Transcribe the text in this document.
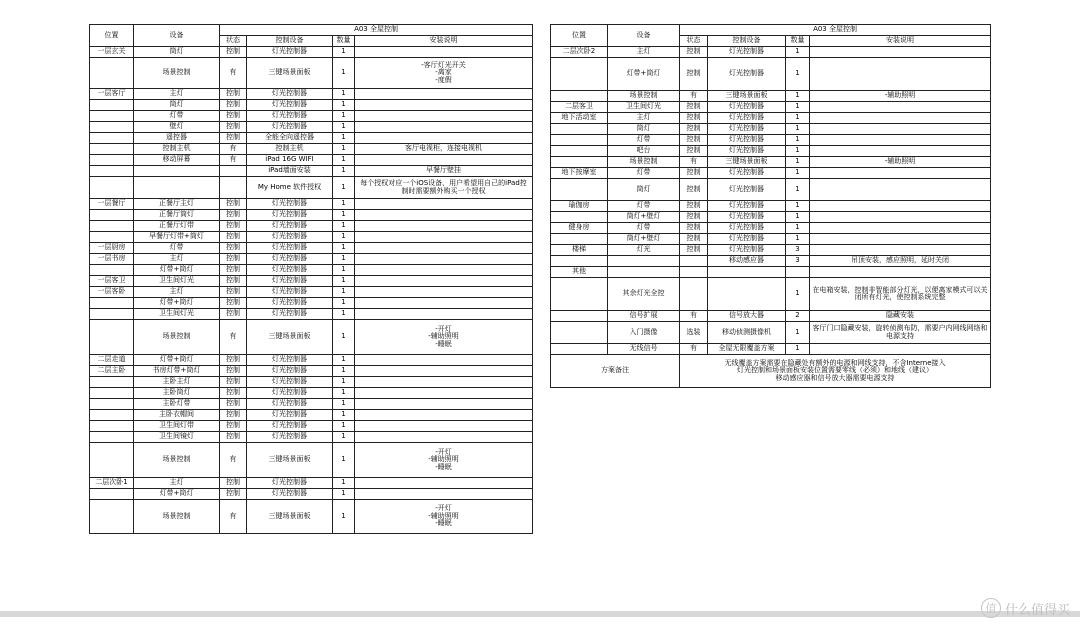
位置	设备	A03 全屋控制			
		状态	控制设备	数量	安装说明
一层玄关	筒灯	控制	灯光控制器	1	
	场景控制	有	三键场景面板	1	-客厅灯光开关
-离家
-度假
一层客厅	主灯	控制	灯光控制器	1	
	筒灯	控制	灯光控制器	1	
	灯带	控制	灯光控制器	1	
	壁灯	控制	灯光控制器	1	
	遥控器	控制	全能全向遥控器	1	
	控制主机	有	控制主机	1	客厅电视柜，连接电视机
	移动屏幕	有	iPad 16G WIFI	1	
			iPad墙面安装	1	早餐厅壁挂
			My Home 软件授权	1	每个授权对应一个iOS设备，用户希望用自己的iPad控制时需要额外购买一个授权
一层餐厅	正餐厅主灯	控制	灯光控制器	1	
	正餐厅筒灯	控制	灯光控制器	1	
	正餐厅灯带	控制	灯光控制器	1	
	早餐厅灯带+筒灯	控制	灯光控制器	1	
一层厨房	灯带	控制	灯光控制器	1	
一层书房	主灯	控制	灯光控制器	1	
	灯带+筒灯	控制	灯光控制器	1	
一层客卫	卫生间灯光	控制	灯光控制器	1	
一层客卧	主灯	控制	灯光控制器	1	
	灯带+筒灯	控制	灯光控制器	1	
	卫生间灯光	控制	灯光控制器	1	
	场景控制	有	三键场景面板	1	-开灯
-辅助照明
-睡眠
二层走道	灯带+筒灯	控制	灯光控制器	1	
二层主卧	书房灯带+筒灯	控制	灯光控制器	1	
	主卧主灯	控制	灯光控制器	1	
	主卧筒灯	控制	灯光控制器	1	
	主卧灯带	控制	灯光控制器	1	
	主卧衣帽间	控制	灯光控制器	1	
	卫生间灯带	控制	灯光控制器	1	
	卫生间镜灯	控制	灯光控制器	1	
	场景控制	有	三键场景面板	1	-开灯
-辅助照明
-睡眠
二层次卧1	主灯	控制	灯光控制器	1	
	灯带+筒灯	控制	灯光控制器	1	
	场景控制	有	三键场景面板	1	-开灯
-辅助照明
-睡眠
位置	设备	A03 全屋控制			
		状态	控制设备	数量	安装说明
二层次卧2	主灯	控制	灯光控制器	1	
	灯带+筒灯	控制	灯光控制器	1	
	场景控制	有	三键场景面板	1	-辅助照明
二层客卫	卫生间灯光	控制	灯光控制器	1	
地下活动室	主灯	控制	灯光控制器	1	
	筒灯	控制	灯光控制器	1	
	灯带	控制	灯光控制器	1	
	吧台	控制	灯光控制器	1	
	场景控制	有	三键场景面板	1	-辅助照明
地下按摩室	灯带	控制	灯光控制器	1	
	筒灯	控制	灯光控制器	1	
瑜伽房	灯带	控制	灯光控制器	1	
	筒灯+壁灯	控制	灯光控制器	1	
健身房	灯带	控制	灯光控制器	1	
	筒灯+壁灯	控制	灯光控制器	1	
楼梯	灯光	控制	灯光控制器	3	
			移动感应器	3	吊顶安装，感应照明，延时关闭
其他					
	其余灯光全控			1	在电箱安装，控制非智能部分灯光，以便离家模式可以关闭所有灯光，使控制系统完整
	信号扩展	有	信号放大器	2	隐藏安装
	入门摄像	选装	移动侦测摄像机	1	客厅门口隐藏安装，旋转侦测布防，需要户内网线网络和电源支持
	无线信号	有	全屋无限覆盖方案	1	
方案备注		无线覆盖方案需要在隐藏处有额外的电源和网线支持，不含Interne接入
灯光控制和场景面板安装位置需要零线（必须）和地线（建议）
移动感应器和信号放大器需要电源支持			
值 什么值得买
